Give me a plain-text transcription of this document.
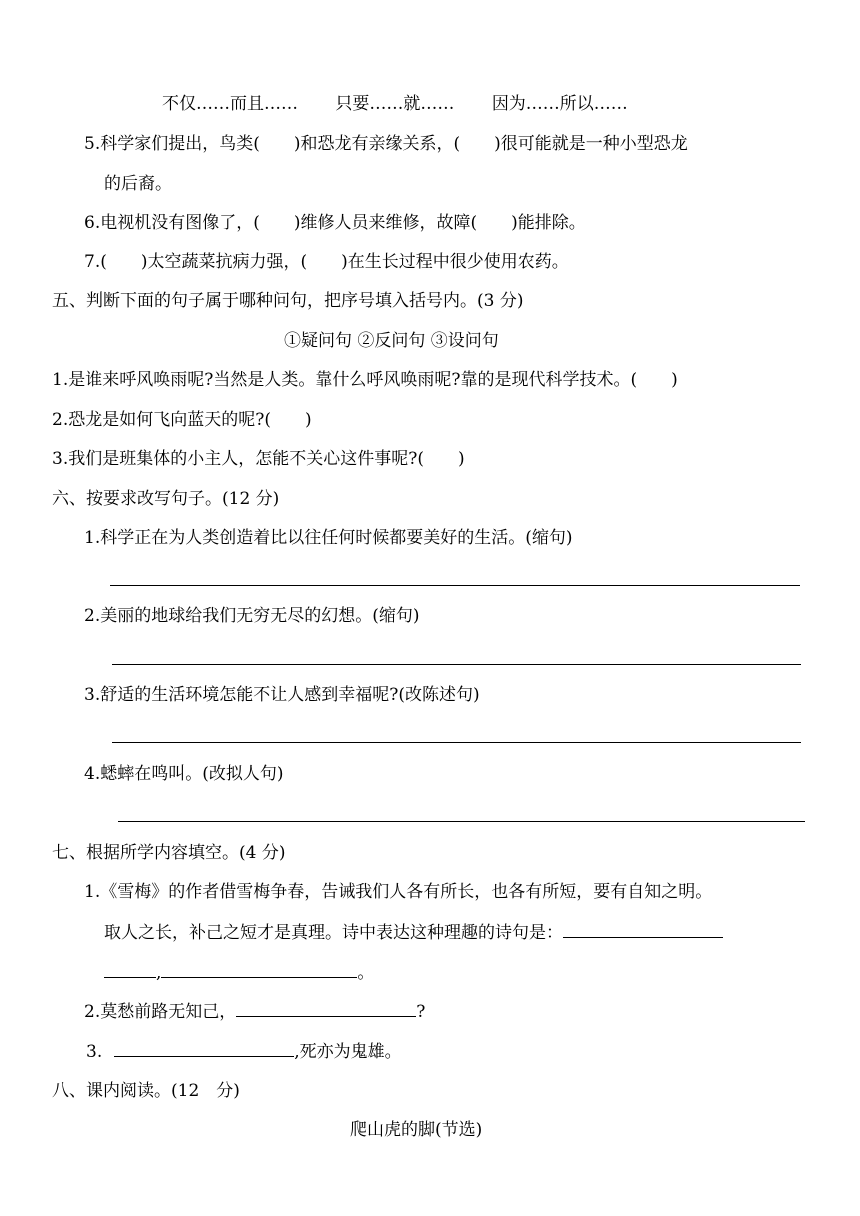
不仅……而且…… 只要……就…… 因为……所以……
5.科学家们提出，鸟类(　　)和恐龙有亲缘关系，(　　)很可能就是一种小型恐龙
的后裔。
6.电视机没有图像了，(　　)维修人员来维修，故障(　　)能排除。
7.(　　)太空蔬菜抗病力强，(　　)在生长过程中很少使用农药。
五、判断下面的句子属于哪种问句，把序号填入括号内。(3 分)
①疑问句 ②反问句 ③设问句
1.是谁来呼风唤雨呢?当然是人类。靠什么呼风唤雨呢?靠的是现代科学技术。(　　)
2.恐龙是如何飞向蓝天的呢?(　　)
3.我们是班集体的小主人，怎能不关心这件事呢?(　　)
六、按要求改写句子。(12 分)
1.科学正在为人类创造着比以往任何时候都要美好的生活。(缩句)
2.美丽的地球给我们无穷无尽的幻想。(缩句)
3.舒适的生活环境怎能不让人感到幸福呢?(改陈述句)
4.蟋蟀在鸣叫。(改拟人句)
七、根据所学内容填空。(4 分)
1.《雪梅》的作者借雪梅争春，告诫我们人各有所长，也各有所短，要有自知之明。
取人之长，补己之短才是真理。诗中表达这种理趣的诗句是：
,	。
2.莫愁前路无知己，	?
3.	,死亦为鬼雄。
八、课内阅读。(12　分)
爬山虎的脚(节选)
